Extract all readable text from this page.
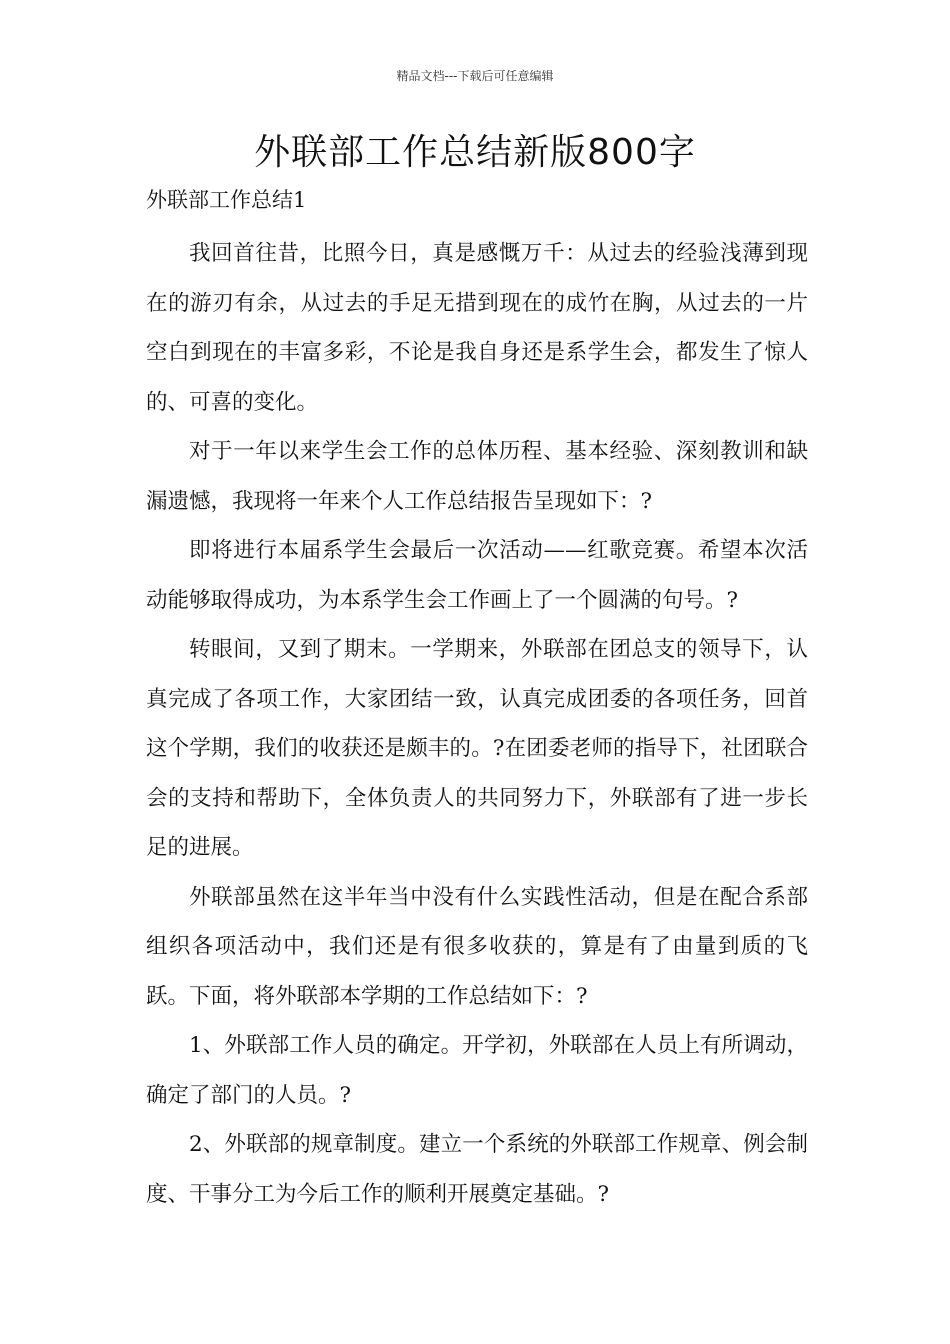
精品文档---下载后可任意编辑
外联部工作总结新版800字
外联部工作总结1

我回首往昔，比照今日，真是感慨万千：从过去的经验浅薄到现在的游刃有余，从过去的手足无措到现在的成竹在胸，从过去的一片空白到现在的丰富多彩，不论是我自身还是系学生会，都发生了惊人的、可喜的变化。

对于一年以来学生会工作的总体历程、基本经验、深刻教训和缺漏遗憾，我现将一年来个人工作总结报告呈现如下：?

即将进行本届系学生会最后一次活动——红歌竞赛。希望本次活动能够取得成功，为本系学生会工作画上了一个圆满的句号。?

转眼间，又到了期末。一学期来，外联部在团总支的领导下，认真完成了各项工作，大家团结一致，认真完成团委的各项任务，回首这个学期，我们的收获还是颇丰的。?在团委老师的指导下，社团联合会的支持和帮助下，全体负责人的共同努力下，外联部有了进一步长足的进展。

外联部虽然在这半年当中没有什么实践性活动，但是在配合系部组织各项活动中，我们还是有很多收获的，算是有了由量到质的飞跃。下面，将外联部本学期的工作总结如下：?

1、外联部工作人员的确定。开学初，外联部在人员上有所调动，确定了部门的人员。?

2、外联部的规章制度。建立一个系统的外联部工作规章、例会制度、干事分工为今后工作的顺利开展奠定基础。?
